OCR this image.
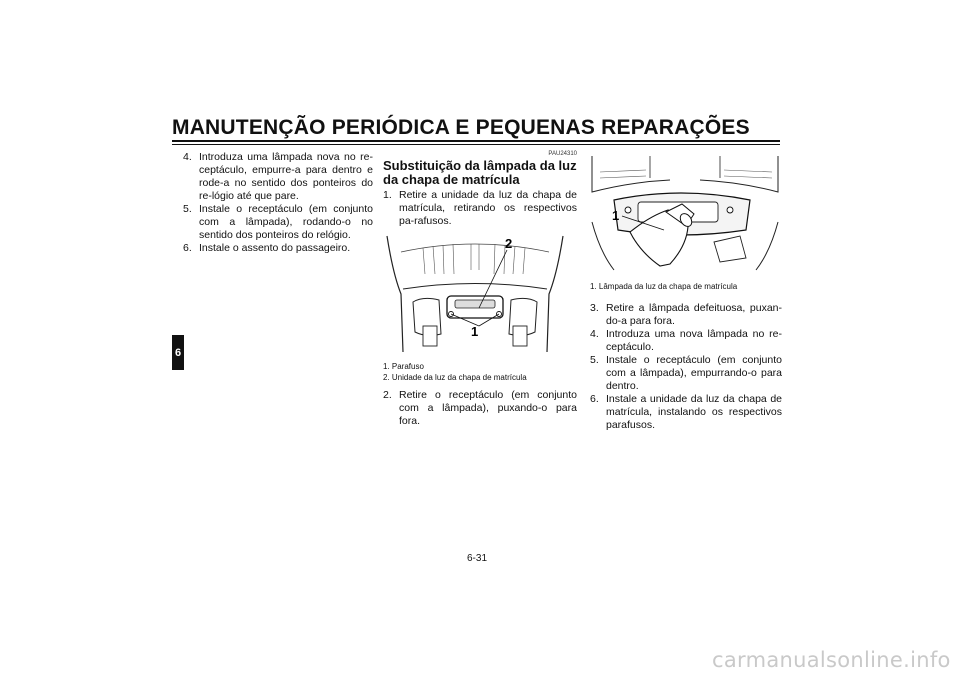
MANUTENÇÃO PERIÓDICA E PEQUENAS REPARAÇÕES
6
4. Introduza uma lâmpada nova no re-ceptáculo, empurre-a para dentro e rode-a no sentido dos ponteiros do re-lógio até que pare.
5. Instale o receptáculo (em conjunto com a lâmpada), rodando-o no sentido dos ponteiros do relógio.
6. Instale o assento do passageiro.
PAU24310
Substituição da lâmpada da luz da chapa de matrícula
1. Retire a unidade da luz da chapa de matrícula, retirando os respectivos pa-rafusos.
1
2
1. Parafuso
2. Unidade da luz da chapa de matrícula
2. Retire o receptáculo (em conjunto com a lâmpada), puxando-o para fora.
1
1. Lâmpada da luz da chapa de matrícula
3. Retire a lâmpada defeituosa, puxan-do-a para fora.
4. Introduza uma nova lâmpada no re-ceptáculo.
5. Instale o receptáculo (em conjunto com a lâmpada), empurrando-o para dentro.
6. Instale a unidade da luz da chapa de matrícula, instalando os respectivos parafusos.
6-31
carmanualsonline.info
